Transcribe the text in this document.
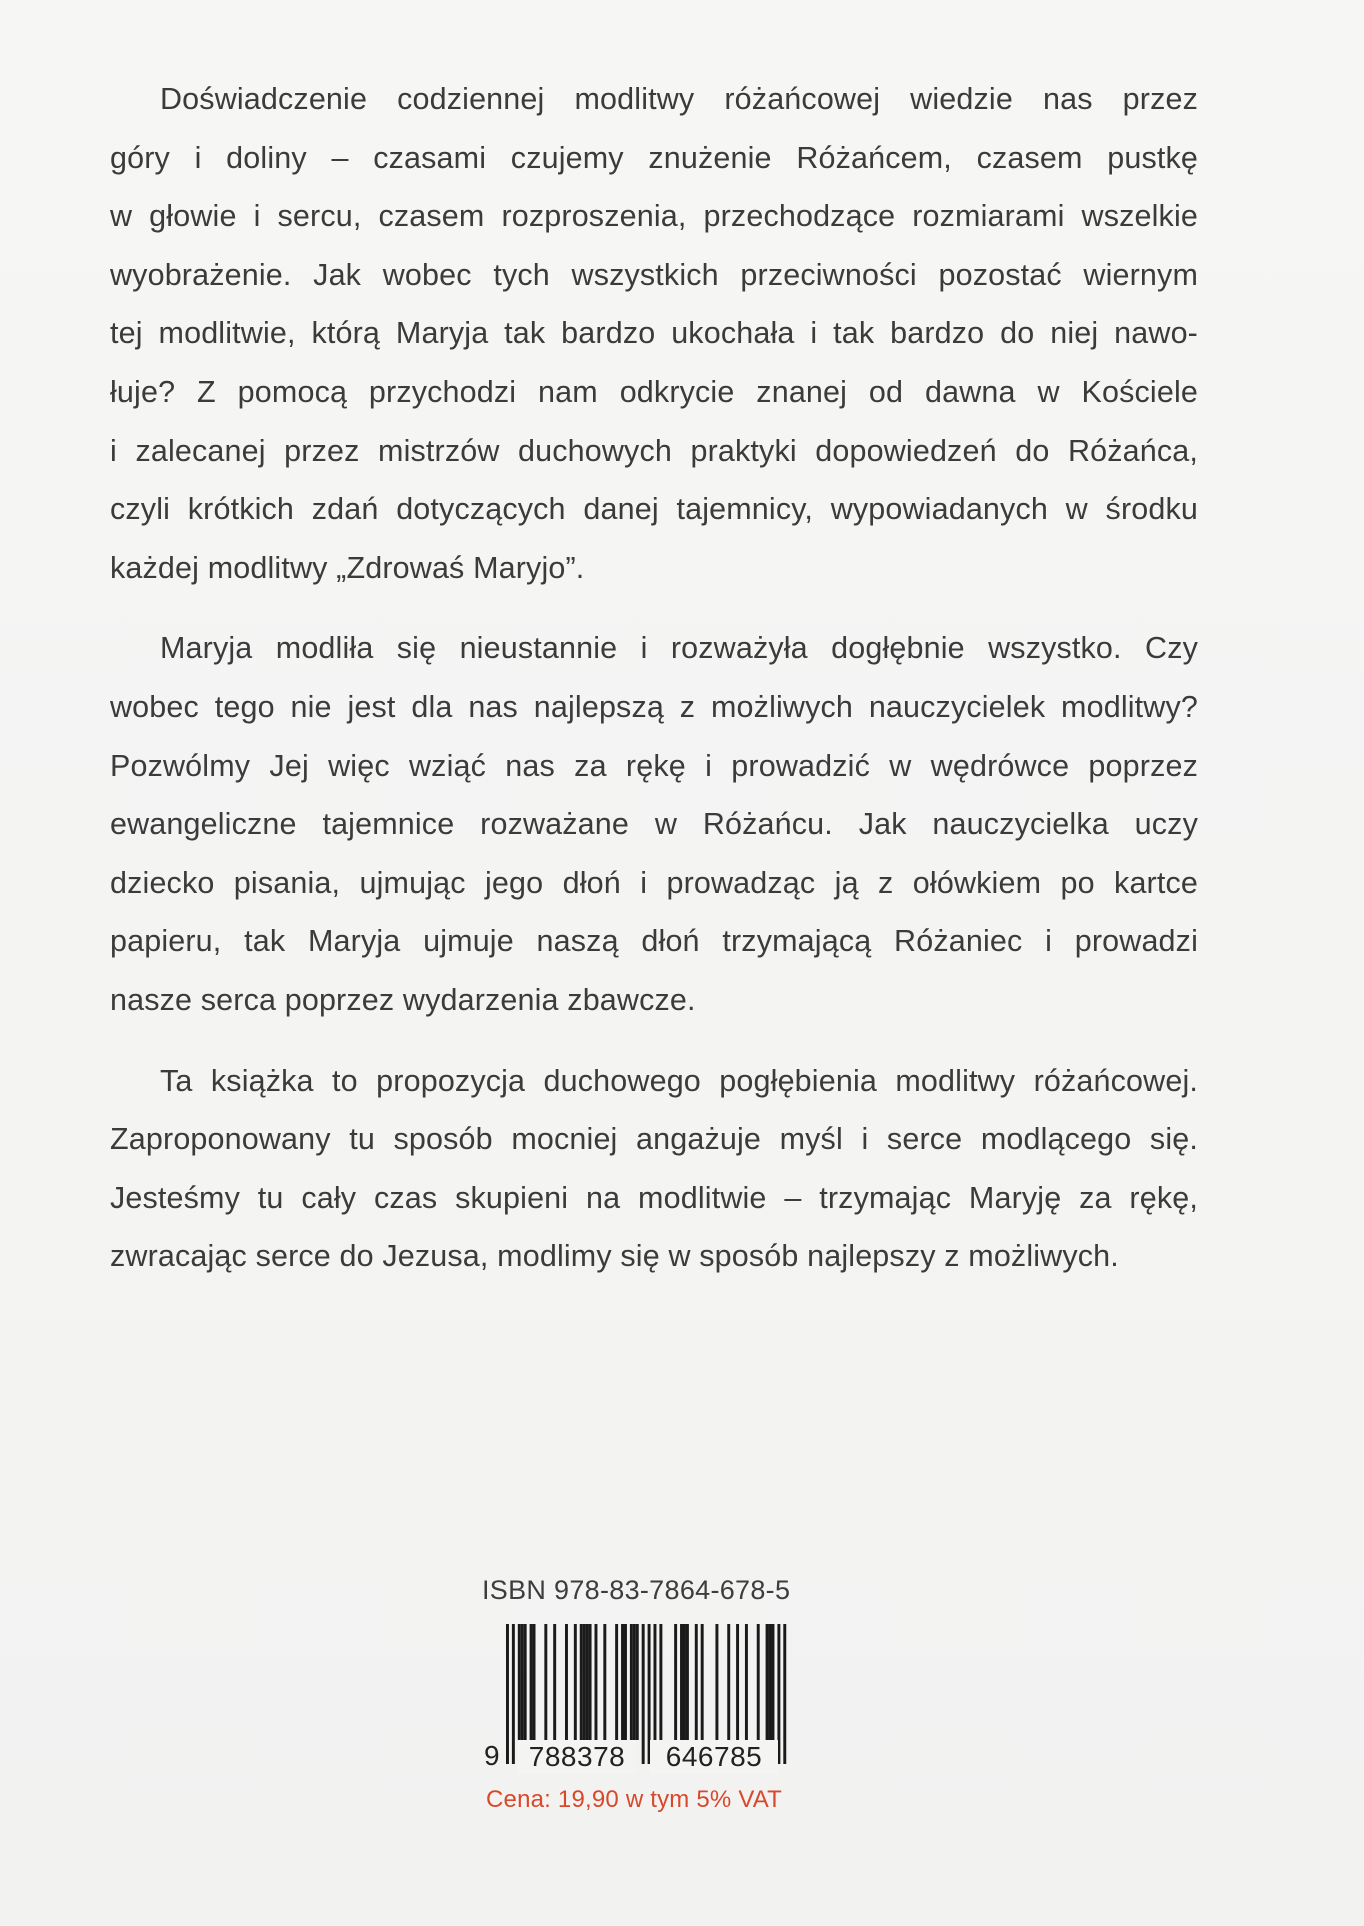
Doświadczenie codziennej modlitwy różańcowej wiedzie nas przez
góry i doliny – czasami czujemy znużenie Różańcem, czasem pustkę
w głowie i sercu, czasem rozproszenia, przechodzące rozmiarami wszelkie
wyobrażenie. Jak wobec tych wszystkich przeciwności pozostać wiernym
tej modlitwie, którą Maryja tak bardzo ukochała i tak bardzo do niej nawo-
łuje? Z pomocą przychodzi nam odkrycie znanej od dawna w Kościele
i zalecanej przez mistrzów duchowych praktyki dopowiedzeń do Różańca,
czyli krótkich zdań dotyczących danej tajemnicy, wypowiadanych w środku
każdej modlitwy „Zdrowaś Maryjo”.
Maryja modliła się nieustannie i rozważyła dogłębnie wszystko. Czy
wobec tego nie jest dla nas najlepszą z możliwych nauczycielek modlitwy?
Pozwólmy Jej więc wziąć nas za rękę i prowadzić w wędrówce poprzez
ewangeliczne tajemnice rozważane w Różańcu. Jak nauczycielka uczy
dziecko pisania, ujmując jego dłoń i prowadząc ją z ołówkiem po kartce
papieru, tak Maryja ujmuje naszą dłoń trzymającą Różaniec i prowadzi
nasze serca poprzez wydarzenia zbawcze.
Ta książka to propozycja duchowego pogłębienia modlitwy różańcowej.
Zaproponowany tu sposób mocniej angażuje myśl i serce modlącego się.
Jesteśmy tu cały czas skupieni na modlitwie – trzymając Maryję za rękę,
zwracając serce do Jezusa, modlimy się w sposób najlepszy z możliwych.
ISBN 978-83-7864-678-5
9	788378	646785
Cena: 19,90 w tym 5% VAT
